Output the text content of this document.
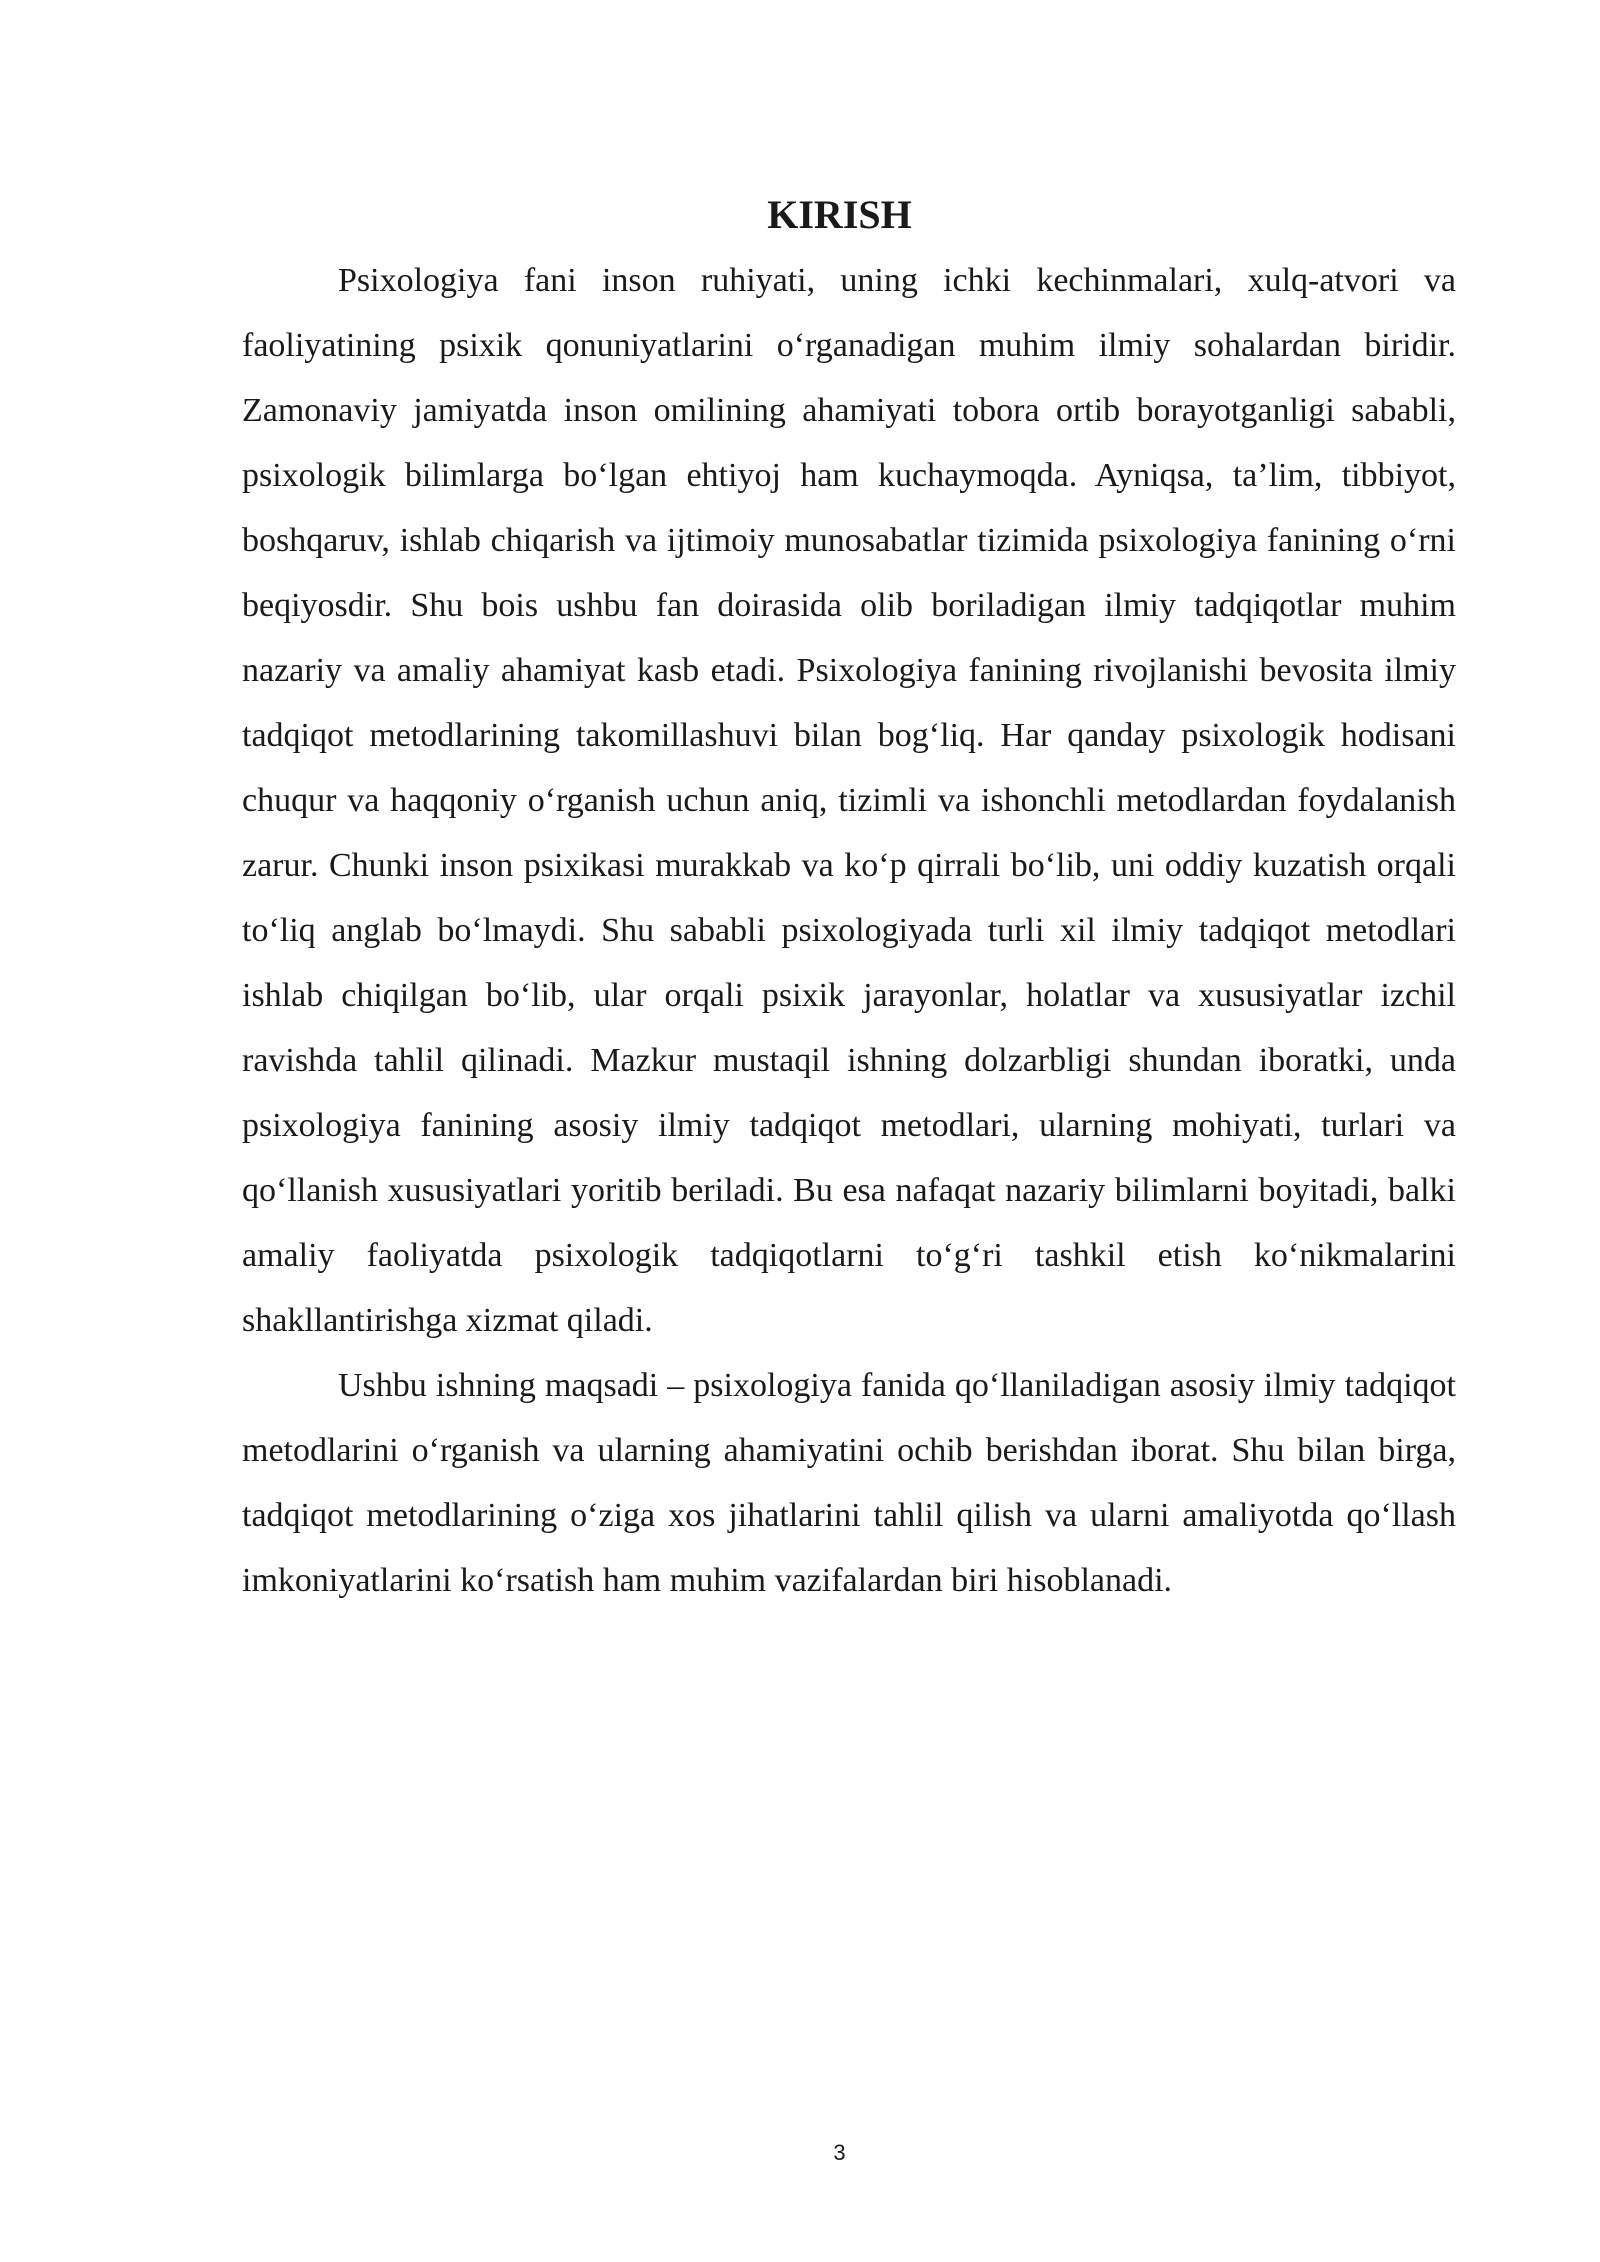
KIRISH

Psixologiya fani inson ruhiyati, uning ichki kechinmalari, xulq-atvori va faoliyatining psixik qonuniyatlarini o‘rganadigan muhim ilmiy sohalardan biridir. Zamonaviy jamiyatda inson omilining ahamiyati tobora ortib borayotganligi sababli, psixologik bilimlarga bo‘lgan ehtiyoj ham kuchaymoqda. Ayniqsa, ta’lim, tibbiyot, boshqaruv, ishlab chiqarish va ijtimoiy munosabatlar tizimida psixologiya fanining o‘rni beqiyosdir. Shu bois ushbu fan doirasida olib boriladigan ilmiy tadqiqotlar muhim nazariy va amaliy ahamiyat kasb etadi. Psixologiya fanining rivojlanishi bevosita ilmiy tadqiqot metodlarining takomillashuvi bilan bog‘liq. Har qanday psixologik hodisani chuqur va haqqoniy o‘rganish uchun aniq, tizimli va ishonchli metodlardan foydalanish zarur. Chunki inson psixikasi murakkab va ko‘p qirrali bo‘lib, uni oddiy kuzatish orqali to‘liq anglab bo‘lmaydi. Shu sababli psixologiyada turli xil ilmiy tadqiqot metodlari ishlab chiqilgan bo‘lib, ular orqali psixik jarayonlar, holatlar va xususiyatlar izchil ravishda tahlil qilinadi. Mazkur mustaqil ishning dolzarbligi shundan iboratki, unda psixologiya fanining asosiy ilmiy tadqiqot metodlari, ularning mohiyati, turlari va qo‘llanish xususiyatlari yoritib beriladi. Bu esa nafaqat nazariy bilimlarni boyitadi, balki amaliy faoliyatda psixologik tadqiqotlarni to‘g‘ri tashkil etish ko‘nikmalarini shakllantirishga xizmat qiladi.

Ushbu ishning maqsadi – psixologiya fanida qo‘llaniladigan asosiy ilmiy tadqiqot metodlarini o‘rganish va ularning ahamiyatini ochib berishdan iborat. Shu bilan birga, tadqiqot metodlarining o‘ziga xos jihatlarini tahlil qilish va ularni amaliyotda qo‘llash imkoniyatlarini ko‘rsatish ham muhim vazifalardan biri hisoblanadi.

3
